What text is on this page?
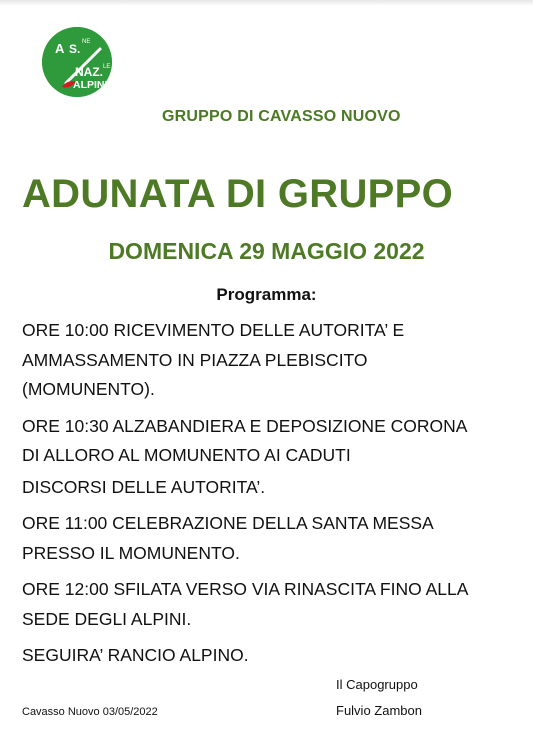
A S. NE
NAZ. LE
ALPINI
GRUPPO DI CAVASSO NUOVO
ADUNATA DI GRUPPO
DOMENICA 29 MAGGIO 2022
Programma:

ORE 10:00 RICEVIMENTO DELLE AUTORITA’ E
AMMASSAMENTO IN PIAZZA PLEBISCITO
(MOMUNENTO).

ORE 10:30 ALZABANDIERA E DEPOSIZIONE CORONA
DI ALLORO AL MOMUNENTO AI CADUTI

DISCORSI DELLE AUTORITA’.

ORE 11:00 CELEBRAZIONE DELLA SANTA MESSA
PRESSO IL MOMUNENTO.

ORE 12:00 SFILATA VERSO VIA RINASCITA FINO ALLA
SEDE DEGLI ALPINI.

SEGUIRA’ RANCIO ALPINO.

Il Capogruppo
Cavasso Nuovo 03/05/2022	Fulvio Zambon
